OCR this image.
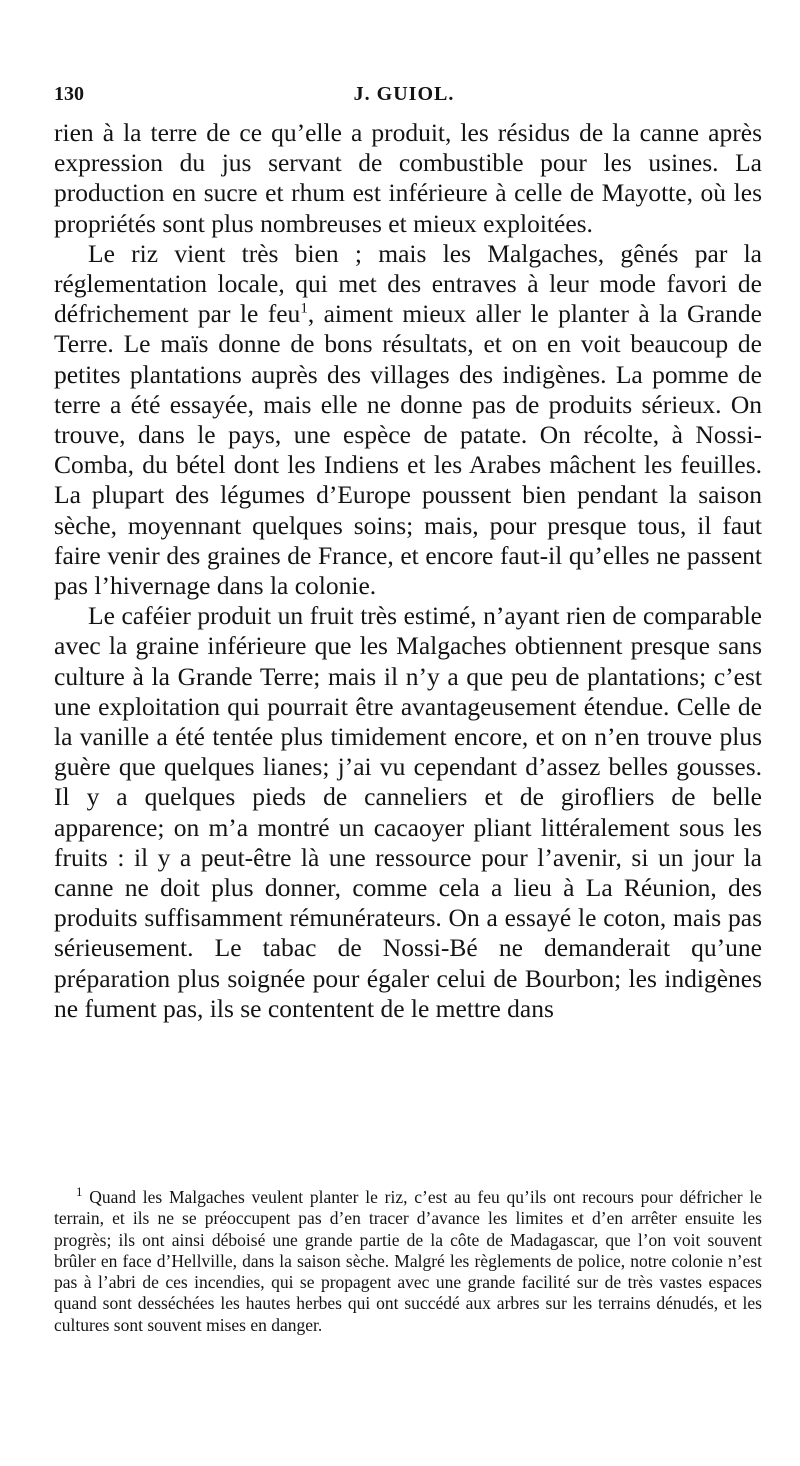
130	J. GUIOL.

rien à la terre de ce qu’elle a produit, les résidus de la canne après expression du jus servant de combustible pour les usines. La production en sucre et rhum est inférieure à celle de Mayotte, où les propriétés sont plus nombreuses et mieux exploitées.

Le riz vient très bien ; mais les Malgaches, gênés par la réglementation locale, qui met des entraves à leur mode favori de défrichement par le feu$^1$, aiment mieux aller le planter à la Grande Terre. Le maïs donne de bons résultats, et on en voit beaucoup de petites plantations auprès des villages des indigènes. La pomme de terre a été essayée, mais elle ne donne pas de produits sérieux. On trouve, dans le pays, une espèce de patate. On récolte, à Nossi-Comba, du bétel dont les Indiens et les Arabes mâchent les feuilles. La plupart des légumes d’Europe poussent bien pendant la saison sèche, moyennant quelques soins; mais, pour presque tous, il faut faire venir des graines de France, et encore faut-il qu’elles ne passent pas l’hivernage dans la colonie.

Le caféier produit un fruit très estimé, n’ayant rien de comparable avec la graine inférieure que les Malgaches obtiennent presque sans culture à la Grande Terre; mais il n’y a que peu de plantations; c’est une exploitation qui pourrait être avantageusement étendue. Celle de la vanille a été tentée plus timidement encore, et on n’en trouve plus guère que quelques lianes; j’ai vu cependant d’assez belles gousses. Il y a quelques pieds de canneliers et de girofliers de belle apparence; on m’a montré un cacaoyer pliant littéralement sous les fruits : il y a peut-être là une ressource pour l’avenir, si un jour la canne ne doit plus donner, comme cela a lieu à La Réunion, des produits suffisamment rémunérateurs. On a essayé le coton, mais pas sérieusement. Le tabac de Nossi-Bé ne demanderait qu’une préparation plus soignée pour égaler celui de Bourbon; les indigènes ne fument pas, ils se contentent de le mettre dans

$^1$ Quand les Malgaches veulent planter le riz, c’est au feu qu’ils ont recours pour défricher le terrain, et ils ne se préoccupent pas d’en tracer d’avance les limites et d’en arrêter ensuite les progrès; ils ont ainsi déboisé une grande partie de la côte de Madagascar, que l’on voit souvent brûler en face d’Hellville, dans la saison sèche. Malgré les règlements de police, notre colonie n’est pas à l’abri de ces incendies, qui se propagent avec une grande facilité sur de très vastes espaces quand sont desséchées les hautes herbes qui ont succédé aux arbres sur les terrains dénudés, et les cultures sont souvent mises en danger.
